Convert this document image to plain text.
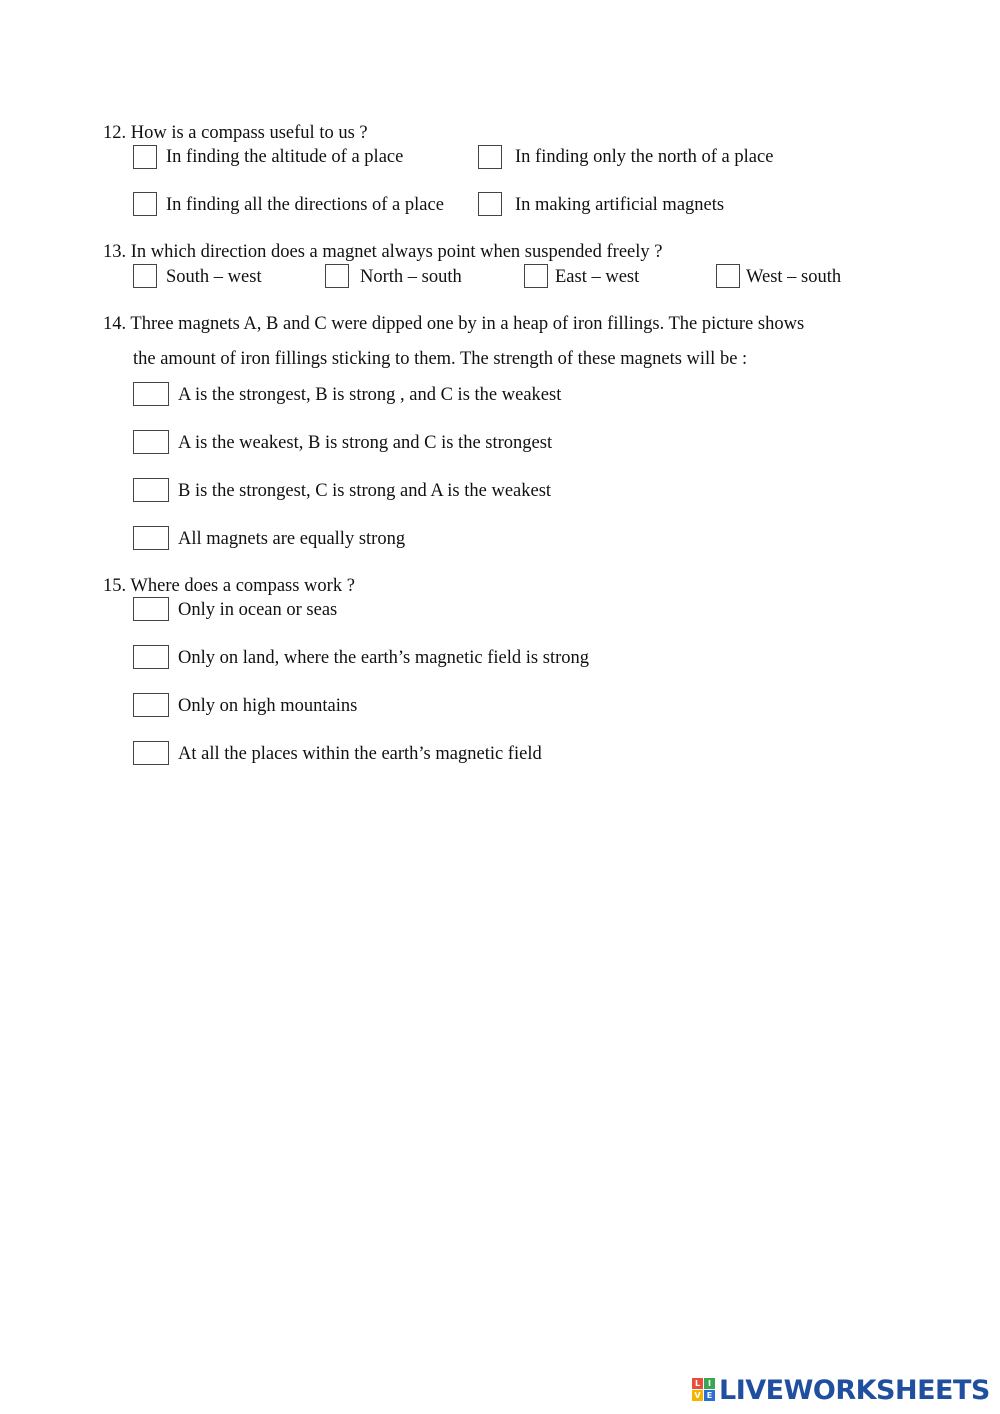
12. How is a compass useful to us ?
In finding the altitude of a place	In finding only the north of a place
In finding all the directions of a place	In making artificial magnets
13. In which direction does a magnet always point when suspended freely ?
South – west	North – south	East – west	West – south
14. Three magnets A, B and C were dipped one by in a heap of iron fillings. The picture shows
the amount of iron fillings sticking to them. The strength of these magnets will be :
A is the strongest, B is strong , and C is the weakest
A is the weakest, B is strong and C is the strongest
B is the strongest, C is strong and A is the weakest
All magnets are equally strong
15. Where does a compass work ?
Only in ocean or seas
Only on land, where the earth’s magnetic field is strong
Only on high mountains
At all the places within the earth’s magnetic field
L I
V E LIVEWORKSHEETS
